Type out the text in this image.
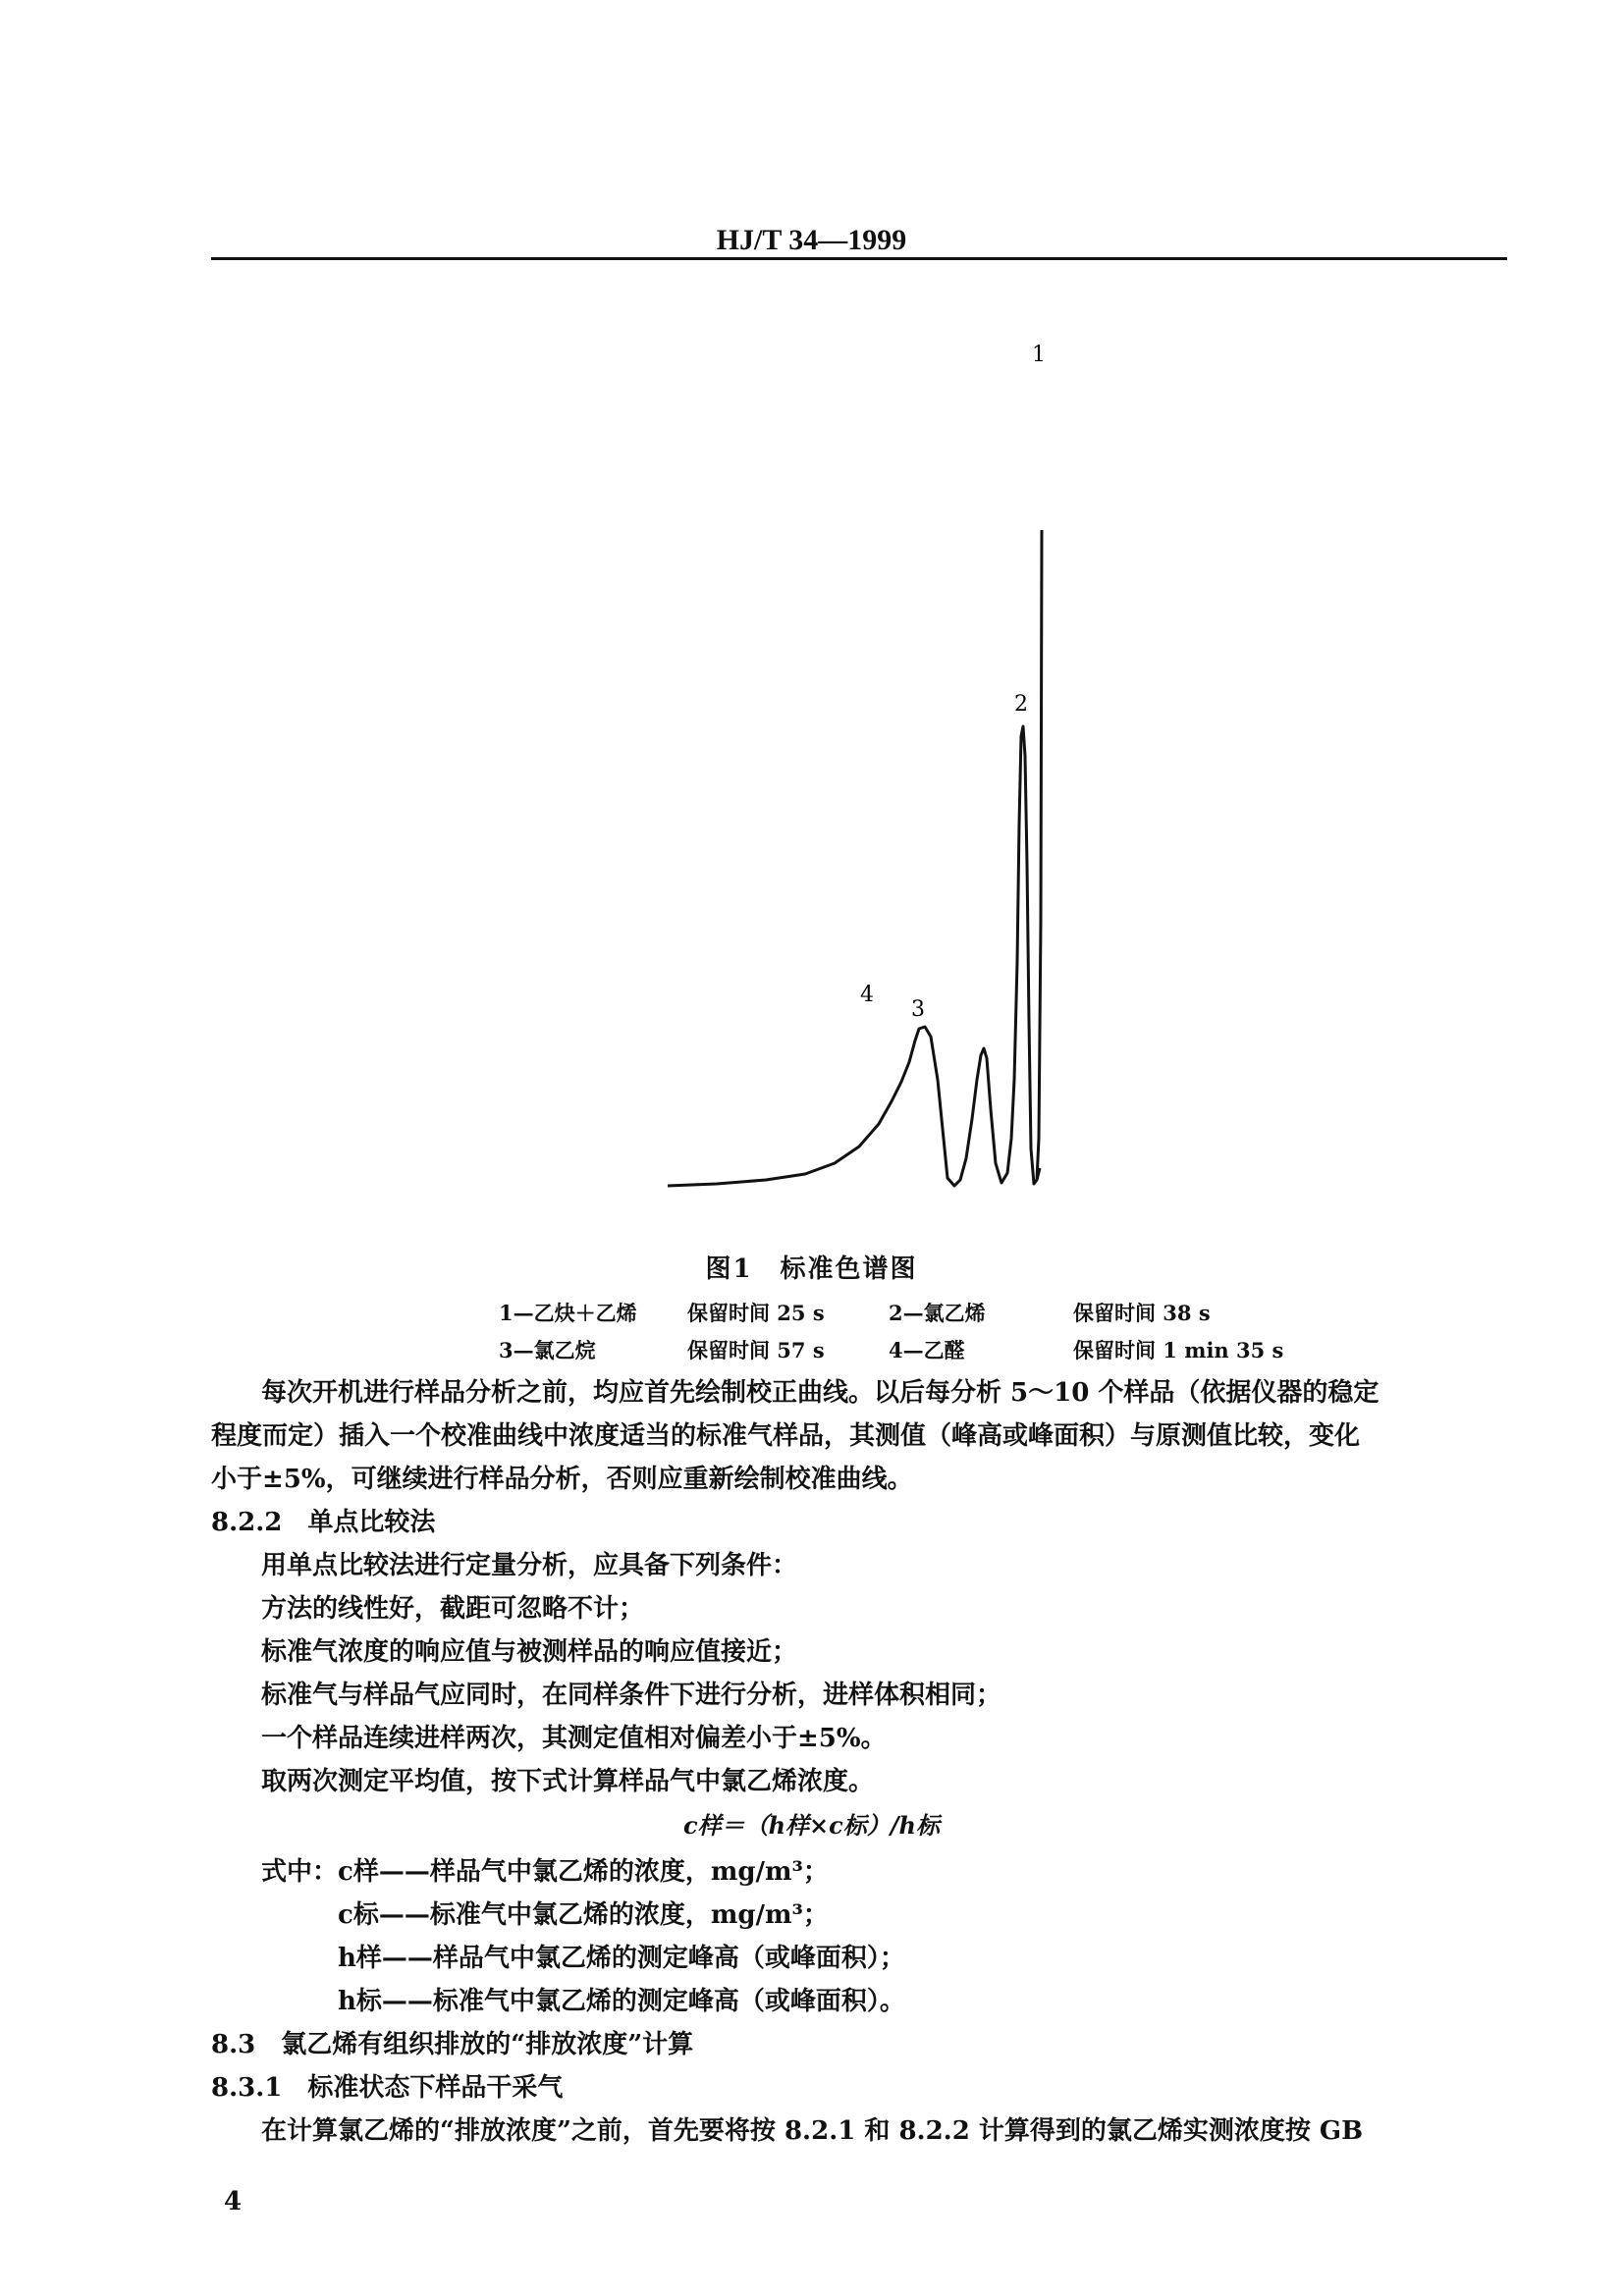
HJ/T 34—1999
1
2
3
4
图1　标准色谱图
1—乙炔＋乙烯 保留时间 25 s	2—氯乙烯	保留时间 38 s
3—氯乙烷	保留时间 57 s	4—乙醛	保留时间 1 min 35 s
每次开机进行样品分析之前，均应首先绘制校正曲线。以后每分析 5～10 个样品（依据仪器的稳定
程度而定）插入一个校准曲线中浓度适当的标准气样品，其测值（峰高或峰面积）与原测值比较，变化
小于±5%，可继续进行样品分析，否则应重新绘制校准曲线。
8.2.2　单点比较法
用单点比较法进行定量分析，应具备下列条件：
方法的线性好，截距可忽略不计；
标准气浓度的响应值与被测样品的响应值接近；
标准气与样品气应同时，在同样条件下进行分析，进样体积相同；
一个样品连续进样两次，其测定值相对偏差小于±5%。
取两次测定平均值，按下式计算样品气中氯乙烯浓度。
c样＝（h样×c标）/h标
式中： c样——样品气中氯乙烯的浓度，mg/m³；
c标——标准气中氯乙烯的浓度，mg/m³；
h样——样品气中氯乙烯的测定峰高（或峰面积）；
h标——标准气中氯乙烯的测定峰高（或峰面积）。
8.3　氯乙烯有组织排放的“排放浓度”计算
8.3.1　标准状态下样品干采气
在计算氯乙烯的“排放浓度”之前，首先要将按 8.2.1 和 8.2.2 计算得到的氯乙烯实测浓度按 GB
4
